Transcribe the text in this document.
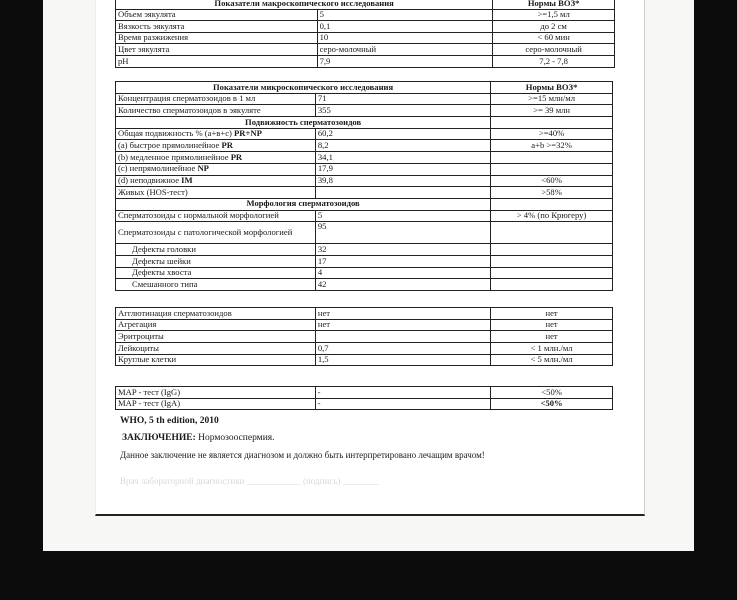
Показатели макроскопического исследования		Нормы ВОЗ*
Объем эякулята	5	>=1,5 мл
Вязкость эякулята	0,1	до 2 см
Время разжижения	10	< 60 мин
Цвет эякулята	серо-молочный	серо-молочный
pH	7,9	7,2 - 7,8
Показатели микроскопического исследования		Нормы ВОЗ*
Концентрация сперматозоидов в 1 мл	71	>=15 млн/мл
Количество сперматозоидов в эякуляте	355	>= 39 млн
Подвижность сперматозоидов		
Общая подвижность % (a+в+с) PR+NP	60,2	>=40%
(a) быстрое прямолинейное PR	8,2	a+b >=32%
(b) медленное прямолинейное PR	34,1	
(c) непрямолинейное NP	17,9	
(d) неподвижное IM	39,8	<60%
Живых (HOS-тест)		>58%
Морфология сперматозоидов		
Сперматозоиды с нормальной морфологией	5	> 4% (по Крюгеру)
Сперматозоиды с патологической морфологией	95	
Дефекты головки	32	
Дефекты шейки	17	
Дефекты хвоста	4	
Смешанного типа	42	

Агглютинация сперматозоидов	нет	нет
Агрегация	нет	нет
Эритроциты		нет
Лейкоциты	0,7	< 1 млн./мл
Круглые клетки	1,5	< 5 млн./мл
MAP - тест (IgG)	-	<50%
MAP - тест (IgA)	-	<50%
WHO, 5 th edition, 2010
ЗАКЛЮЧЕНИЕ: Нормозооспермия.
Данное заключение не является диагнозом и должно быть интерпретировано лечащим врачом!
Врач лабораторной диагностики ____________ (подпись) ________
